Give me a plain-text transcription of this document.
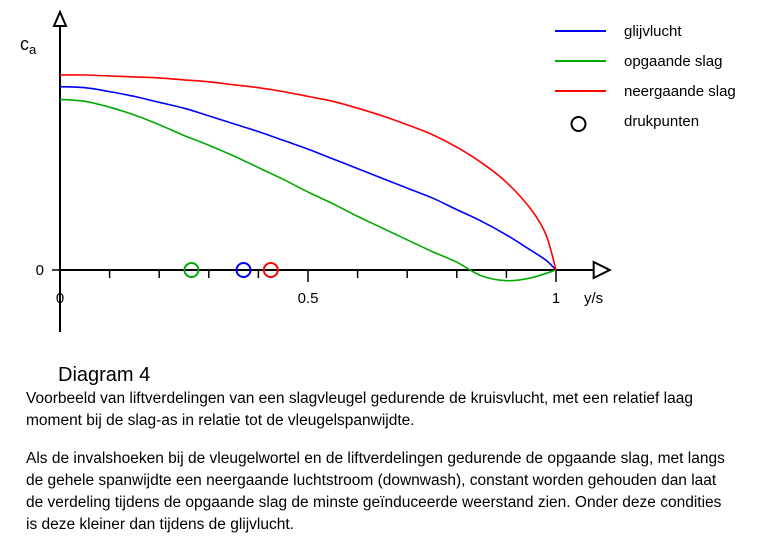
0	0.5	1
0
y/s
$c_a$
glijvlucht
opgaande slag
neergaande slag
drukpunten
Diagram 4

Voorbeeld van liftverdelingen van een slagvleugel gedurende de kruisvlucht, met een relatief laag moment bij de slag-as in relatie tot de vleugelspanwijdte.

Als de invalshoeken bij de vleugelwortel en de liftverdelingen gedurende de opgaande slag, met langs de gehele spanwijdte een neergaande luchtstroom (downwash), constant worden gehouden dan laat de verdeling tijdens de opgaande slag de minste geïnduceerde weerstand zien. Onder deze condities is deze kleiner dan tijdens de glijvlucht.
